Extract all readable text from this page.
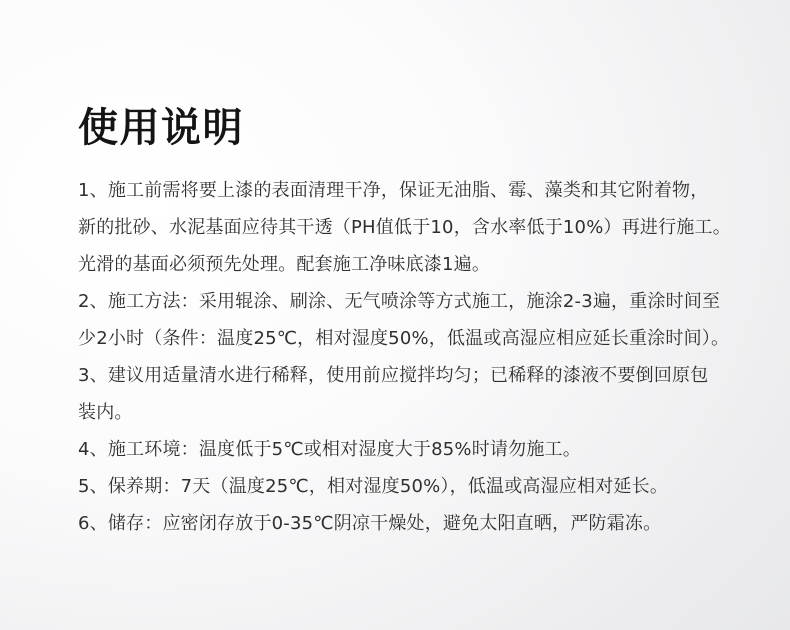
使用说明
1、施工前需将要上漆的表面清理干净，保证无油脂、霉、藻类和其它附着物，
新的批砂、水泥基面应待其干透（PH值低于10，含水率低于10%）再进行施工。
光滑的基面必须预先处理。配套施工净味底漆1遍。
2、施工方法：采用辊涂、刷涂、无气喷涂等方式施工，施涂2-3遍，重涂时间至
少2小时（条件：温度25℃，相对湿度50%，低温或高湿应相应延长重涂时间）。
3、建议用适量清水进行稀释，使用前应搅拌均匀；已稀释的漆液不要倒回原包
装内。
4、施工环境：温度低于5℃或相对湿度大于85%时请勿施工。
5、保养期：7天（温度25℃，相对湿度50%），低温或高湿应相对延长。
6、储存：应密闭存放于0-35℃阴凉干燥处，避免太阳直晒，严防霜冻。
